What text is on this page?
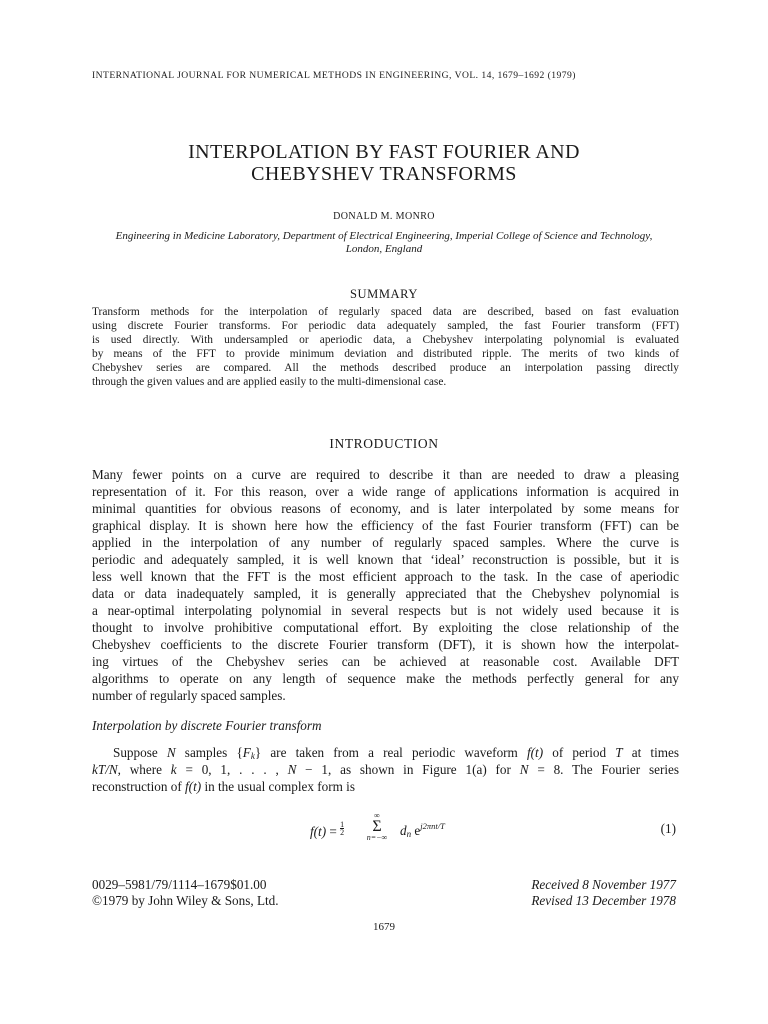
INTERNATIONAL JOURNAL FOR NUMERICAL METHODS IN ENGINEERING, VOL. 14, 1679–1692 (1979)
INTERPOLATION BY FAST FOURIER AND
CHEBYSHEV TRANSFORMS
DONALD M. MONRO
Engineering in Medicine Laboratory, Department of Electrical Engineering, Imperial College of Science and Technology,
London, England
SUMMARY
Transform methods for the interpolation of regularly spaced data are described, based on fast evaluation
using discrete Fourier transforms. For periodic data adequately sampled, the fast Fourier transform (FFT)
is used directly. With undersampled or aperiodic data, a Chebyshev interpolating polynomial is evaluated
by means of the FFT to provide minimum deviation and distributed ripple. The merits of two kinds of
Chebyshev series are compared. All the methods described produce an interpolation passing directly
through the given values and are applied easily to the multi-dimensional case.
INTRODUCTION
Many fewer points on a curve are required to describe it than are needed to draw a pleasing
representation of it. For this reason, over a wide range of applications information is acquired in
minimal quantities for obvious reasons of economy, and is later interpolated by some means for
graphical display. It is shown here how the efficiency of the fast Fourier transform (FFT) can be
applied in the interpolation of any number of regularly spaced samples. Where the curve is
periodic and adequately sampled, it is well known that ‘ideal’ reconstruction is possible, but it is
less well known that the FFT is the most efficient approach to the task. In the case of aperiodic
data or data inadequately sampled, it is generally appreciated that the Chebyshev polynomial is
a near-optimal interpolating polynomial in several respects but is not widely used because it is
thought to involve prohibitive computational effort. By exploiting the close relationship of the
Chebyshev coefficients to the discrete Fourier transform (DFT), it is shown how the interpolat-
ing virtues of the Chebyshev series can be achieved at reasonable cost. Available DFT
algorithms to operate on any length of sequence make the methods perfectly general for any
number of regularly spaced samples.
Interpolation by discrete Fourier transform
Suppose N samples $\{F_k\}$ are taken from a real periodic waveform f(t) of period T at times
kT/N, where k = 0, 1, . . . , N − 1, as shown in Figure 1(a) for N = 8. The Fourier series
reconstruction of f(t) in the usual complex form is
$f(t) = \frac{1}{2}$
∞
Σ
n=−∞ $d_n$ $e^{j2\pi nt/T}$	(1)
0029–5981/79/1114–1679$01.00
©1979 by John Wiley & Sons, Ltd.
Received 8 November 1977
Revised 13 December 1978
1679
